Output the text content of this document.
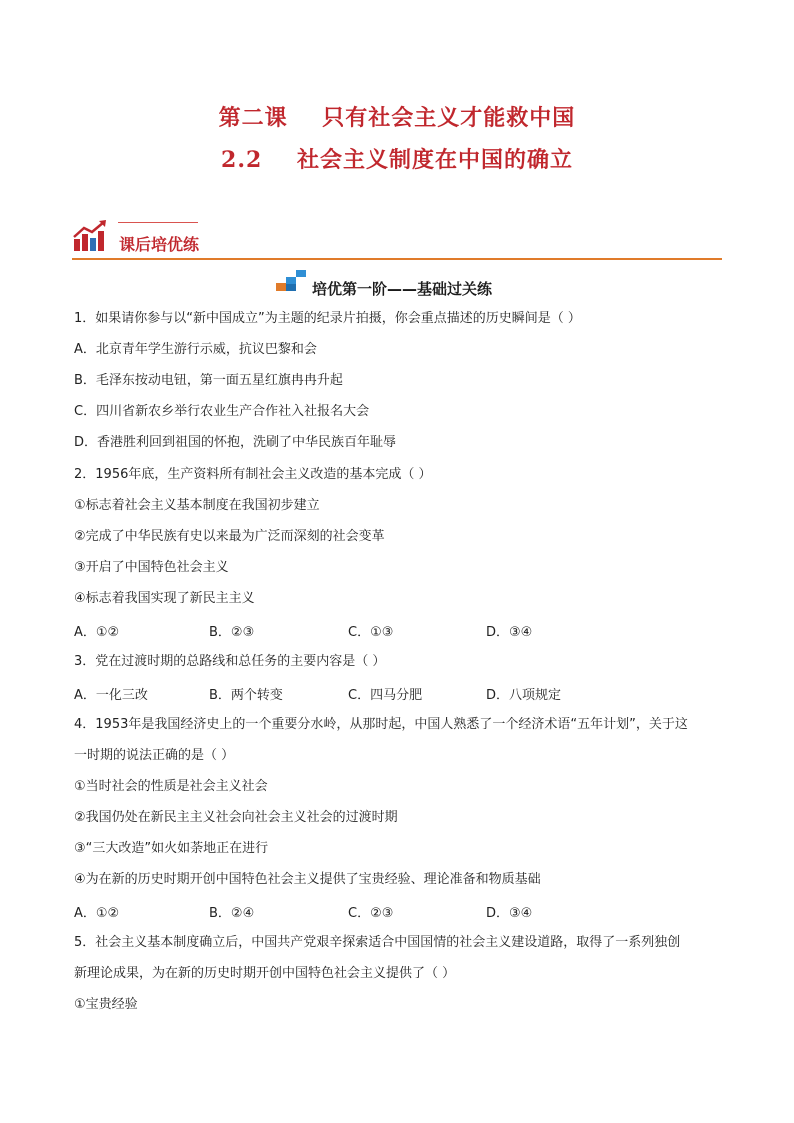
第二课    只有社会主义才能救中国
2.2    社会主义制度在中国的确立
课后培优练
培优第一阶——基础过关练
1．如果请你参与以“新中国成立”为主题的纪录片拍摄，你会重点描述的历史瞬间是（ ）
A．北京青年学生游行示威，抗议巴黎和会
B．毛泽东按动电钮，第一面五星红旗冉冉升起
C．四川省新农乡举行农业生产合作社入社报名大会
D．香港胜利回到祖国的怀抱，洗刷了中华民族百年耻辱
2．1956年底，生产资料所有制社会主义改造的基本完成（ ）
①标志着社会主义基本制度在我国初步建立
②完成了中华民族有史以来最为广泛而深刻的社会变革
③开启了中国特色社会主义
④标志着我国实现了新民主主义
A．①②	B．②③	C．①③	D．③④
3．党在过渡时期的总路线和总任务的主要内容是（ ）
A．一化三改	B．两个转变	C．四马分肥	D．八项规定
4．1953年是我国经济史上的一个重要分水岭，从那时起，中国人熟悉了一个经济术语“五年计划”，关于这
一时期的说法正确的是（ ）
①当时社会的性质是社会主义社会
②我国仍处在新民主主义社会向社会主义社会的过渡时期
③“三大改造”如火如荼地正在进行
④为在新的历史时期开创中国特色社会主义提供了宝贵经验、理论准备和物质基础
A．①②	B．②④	C．②③	D．③④
5．社会主义基本制度确立后，中国共产党艰辛探索适合中国国情的社会主义建设道路，取得了一系列独创
新理论成果，为在新的历史时期开创中国特色社会主义提供了（ ）
①宝贵经验
